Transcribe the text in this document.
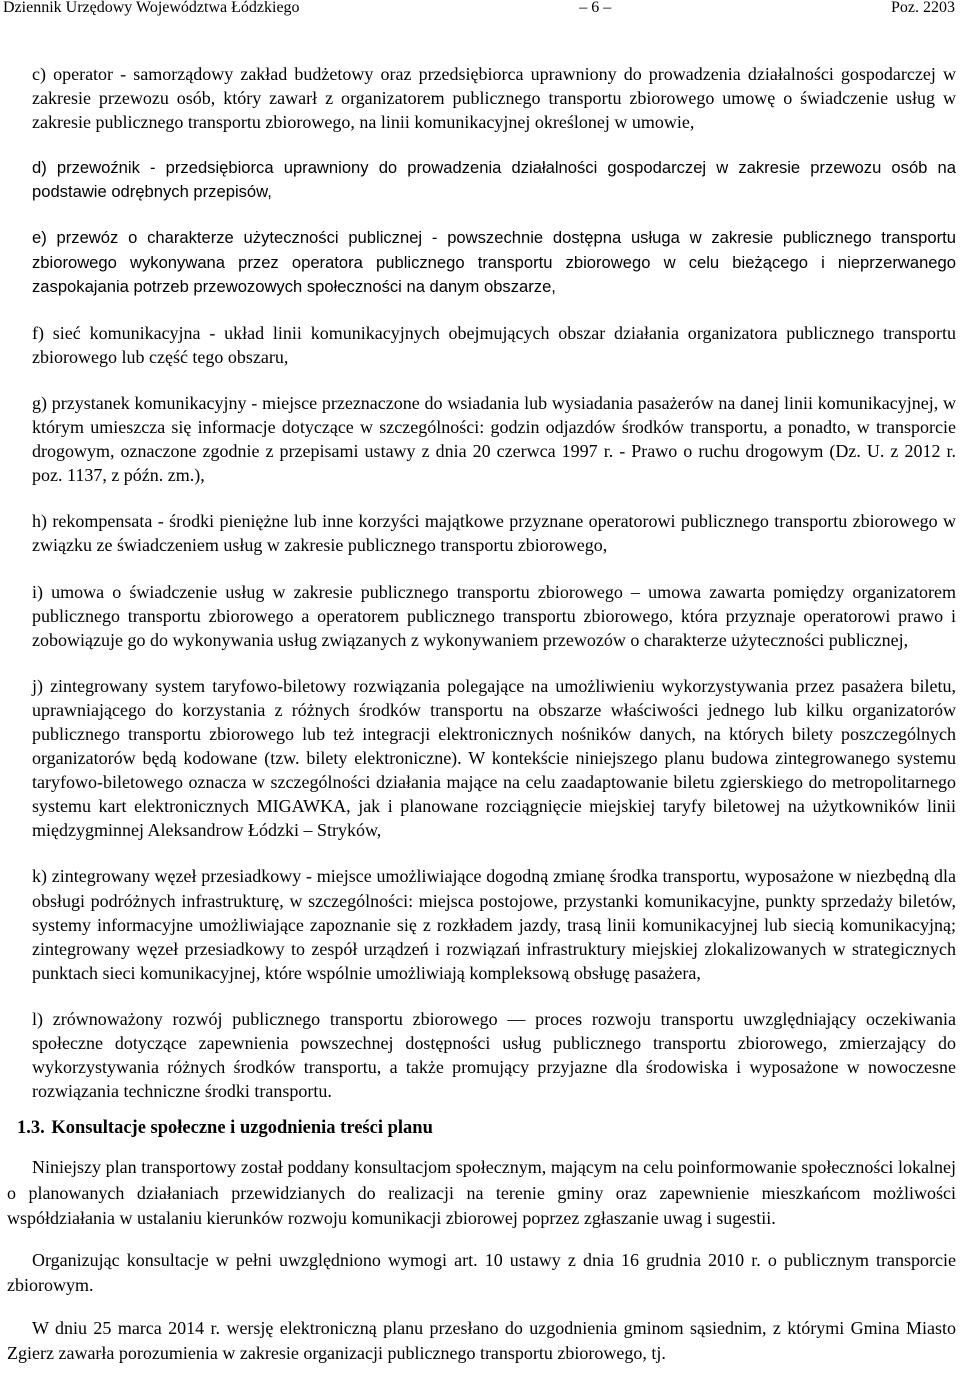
Dziennik Urzędowy Województwa Łódzkiego	– 6 –	Poz. 2203

c) operator - samorządowy zakład budżetowy oraz przedsiębiorca uprawniony do prowadzenia działalności gospodarczej w zakresie przewozu osób, który zawarł z organizatorem publicznego transportu zbiorowego umowę o świadczenie usług w zakresie publicznego transportu zbiorowego, na linii komunikacyjnej określonej w umowie,

d) przewoźnik - przedsiębiorca uprawniony do prowadzenia działalności gospodarczej w zakresie przewozu osób na podstawie odrębnych przepisów,

e) przewóz o charakterze użyteczności publicznej - powszechnie dostępna usługa w zakresie publicznego transportu zbiorowego wykonywana przez operatora publicznego transportu zbiorowego w celu bieżącego i nieprzerwanego zaspokajania potrzeb przewozowych społeczności na danym obszarze,

f) sieć komunikacyjna - układ linii komunikacyjnych obejmujących obszar działania organizatora publicznego transportu zbiorowego lub część tego obszaru,

g) przystanek komunikacyjny - miejsce przeznaczone do wsiadania lub wysiadania pasażerów na danej linii komunikacyjnej, w którym umieszcza się informacje dotyczące w szczególności: godzin odjazdów środków transportu, a ponadto, w transporcie drogowym, oznaczone zgodnie z przepisami ustawy z dnia 20 czerwca 1997 r. - Prawo o ruchu drogowym (Dz. U. z 2012 r. poz. 1137, z późn. zm.),

h) rekompensata - środki pieniężne lub inne korzyści majątkowe przyznane operatorowi publicznego transportu zbiorowego w związku ze świadczeniem usług w zakresie publicznego transportu zbiorowego,

i) umowa o świadczenie usług w zakresie publicznego transportu zbiorowego – umowa zawarta pomiędzy organizatorem publicznego transportu zbiorowego a operatorem publicznego transportu zbiorowego, która przyznaje operatorowi prawo i zobowiązuje go do wykonywania usług związanych z wykonywaniem przewozów o charakterze użyteczności publicznej,

j) zintegrowany system taryfowo-biletowy rozwiązania polegające na umożliwieniu wykorzystywania przez pasażera biletu, uprawniającego do korzystania z różnych środków transportu na obszarze właściwości jednego lub kilku organizatorów publicznego transportu zbiorowego lub też integracji elektronicznych nośników danych, na których bilety poszczególnych organizatorów będą kodowane (tzw. bilety elektroniczne). W kontekście niniejszego planu budowa zintegrowanego systemu taryfowo-biletowego oznacza w szczególności działania mające na celu zaadaptowanie biletu zgierskiego do metropolitarnego systemu kart elektronicznych MIGAWKA, jak i planowane rozciągnięcie miejskiej taryfy biletowej na użytkowników linii międzygminnej Aleksandrow Łódzki – Stryków,

k) zintegrowany węzeł przesiadkowy - miejsce umożliwiające dogodną zmianę środka transportu, wyposażone w niezbędną dla obsługi podróżnych infrastrukturę, w szczególności: miejsca postojowe, przystanki komunikacyjne, punkty sprzedaży biletów, systemy informacyjne umożliwiające zapoznanie się z rozkładem jazdy, trasą linii komunikacyjnej lub siecią komunikacyjną; zintegrowany węzeł przesiadkowy to zespół urządzeń i rozwiązań infrastruktury miejskiej zlokalizowanych w strategicznych punktach sieci komunikacyjnej, które wspólnie umożliwiają kompleksową obsługę pasażera,

l) zrównoważony rozwój publicznego transportu zbiorowego — proces rozwoju transportu uwzględniający oczekiwania społeczne dotyczące zapewnienia powszechnej dostępności usług publicznego transportu zbiorowego, zmierzający do wykorzystywania różnych środków transportu, a także promujący przyjazne dla środowiska i wyposażone w nowoczesne rozwiązania techniczne środki transportu.

1.3. Konsultacje społeczne i uzgodnienia treści planu

Niniejszy plan transportowy został poddany konsultacjom społecznym, mającym na celu poinformowanie społeczności lokalnej o planowanych działaniach przewidzianych do realizacji na terenie gminy oraz zapewnienie mieszkańcom możliwości współdziałania w ustalaniu kierunków rozwoju komunikacji zbiorowej poprzez zgłaszanie uwag i sugestii.

Organizując konsultacje w pełni uwzględniono wymogi art. 10 ustawy z dnia 16 grudnia 2010 r. o publicznym transporcie zbiorowym.

W dniu 25 marca 2014 r. wersję elektroniczną planu przesłano do uzgodnienia gminom sąsiednim, z którymi Gmina Miasto Zgierz zawarła porozumienia w zakresie organizacji publicznego transportu zbiorowego, tj.
